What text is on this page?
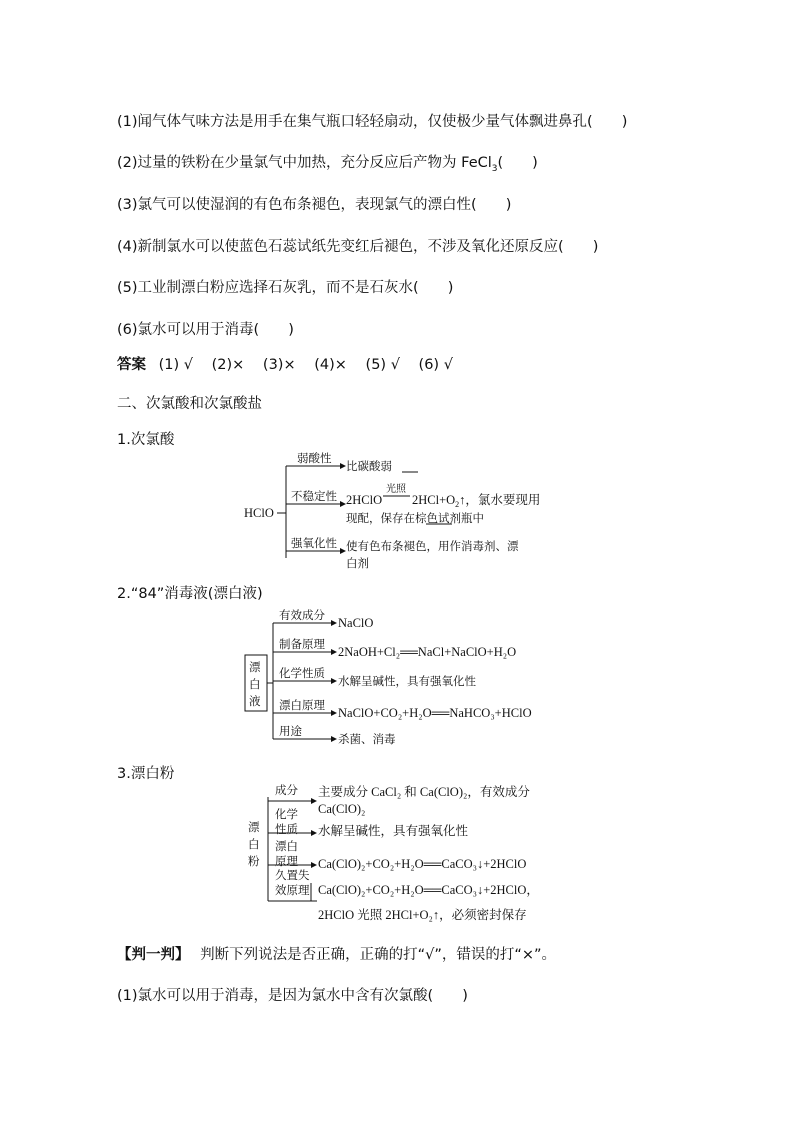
(1)闻气体气味方法是用手在集气瓶口轻轻扇动，仅使极少量气体飘进鼻孔(　　)
(2)过量的铁粉在少量氯气中加热，充分反应后产物为 FeCl$_3$(　　)
(3)氯气可以使湿润的有色布条褪色，表现氯气的漂白性(　　)
(4)新制氯水可以使蓝色石蕊试纸先变红后褪色，不涉及氧化还原反应(　　)
(5)工业制漂白粉应选择石灰乳，而不是石灰水(　　)
(6)氯水可以用于消毒(　　)
答案 (1) √ (2)× (3)× (4)× (5) √ (6) √
二、次氯酸和次氯酸盐
1.次氯酸
HClO
弱酸性
比碳酸弱
不稳定性 2HClO
光照
$2HCl+O_2↑$，氯水要现用
现配，保存在棕色试剂瓶中
强氧化性 使有色布条褪色，用作消毒剂、漂
白剂
2.“84”消毒液(漂白液)
漂
白
液
有效成分
NaClO
制备原理
2NaOH+Cl₂══NaCl+NaClO+H₂O
化学性质
水解呈碱性，具有强氧化性
漂白原理
NaClO+CO₂+H₂O══NaHCO₃+HClO
用途
杀菌、消毒
3.漂白粉
漂
白
粉
成分 主要成分 CaCl₂ 和 Ca(ClO)₂，有效成分
Ca(ClO)₂
化学
性质 水解呈碱性，具有强氧化性
漂白
原理 Ca(ClO)₂+CO₂+H₂O══CaCO₃↓+2HClO
久置失
效原理 Ca(ClO)₂+CO₂+H₂O══CaCO₃↓+2HClO，
2HClO 光照 2HCl+O₂↑，必须密封保存
【判一判】 判断下列说法是否正确，正确的打“√”，错误的打“×”。
(1)氯水可以用于消毒，是因为氯水中含有次氯酸(　　)
